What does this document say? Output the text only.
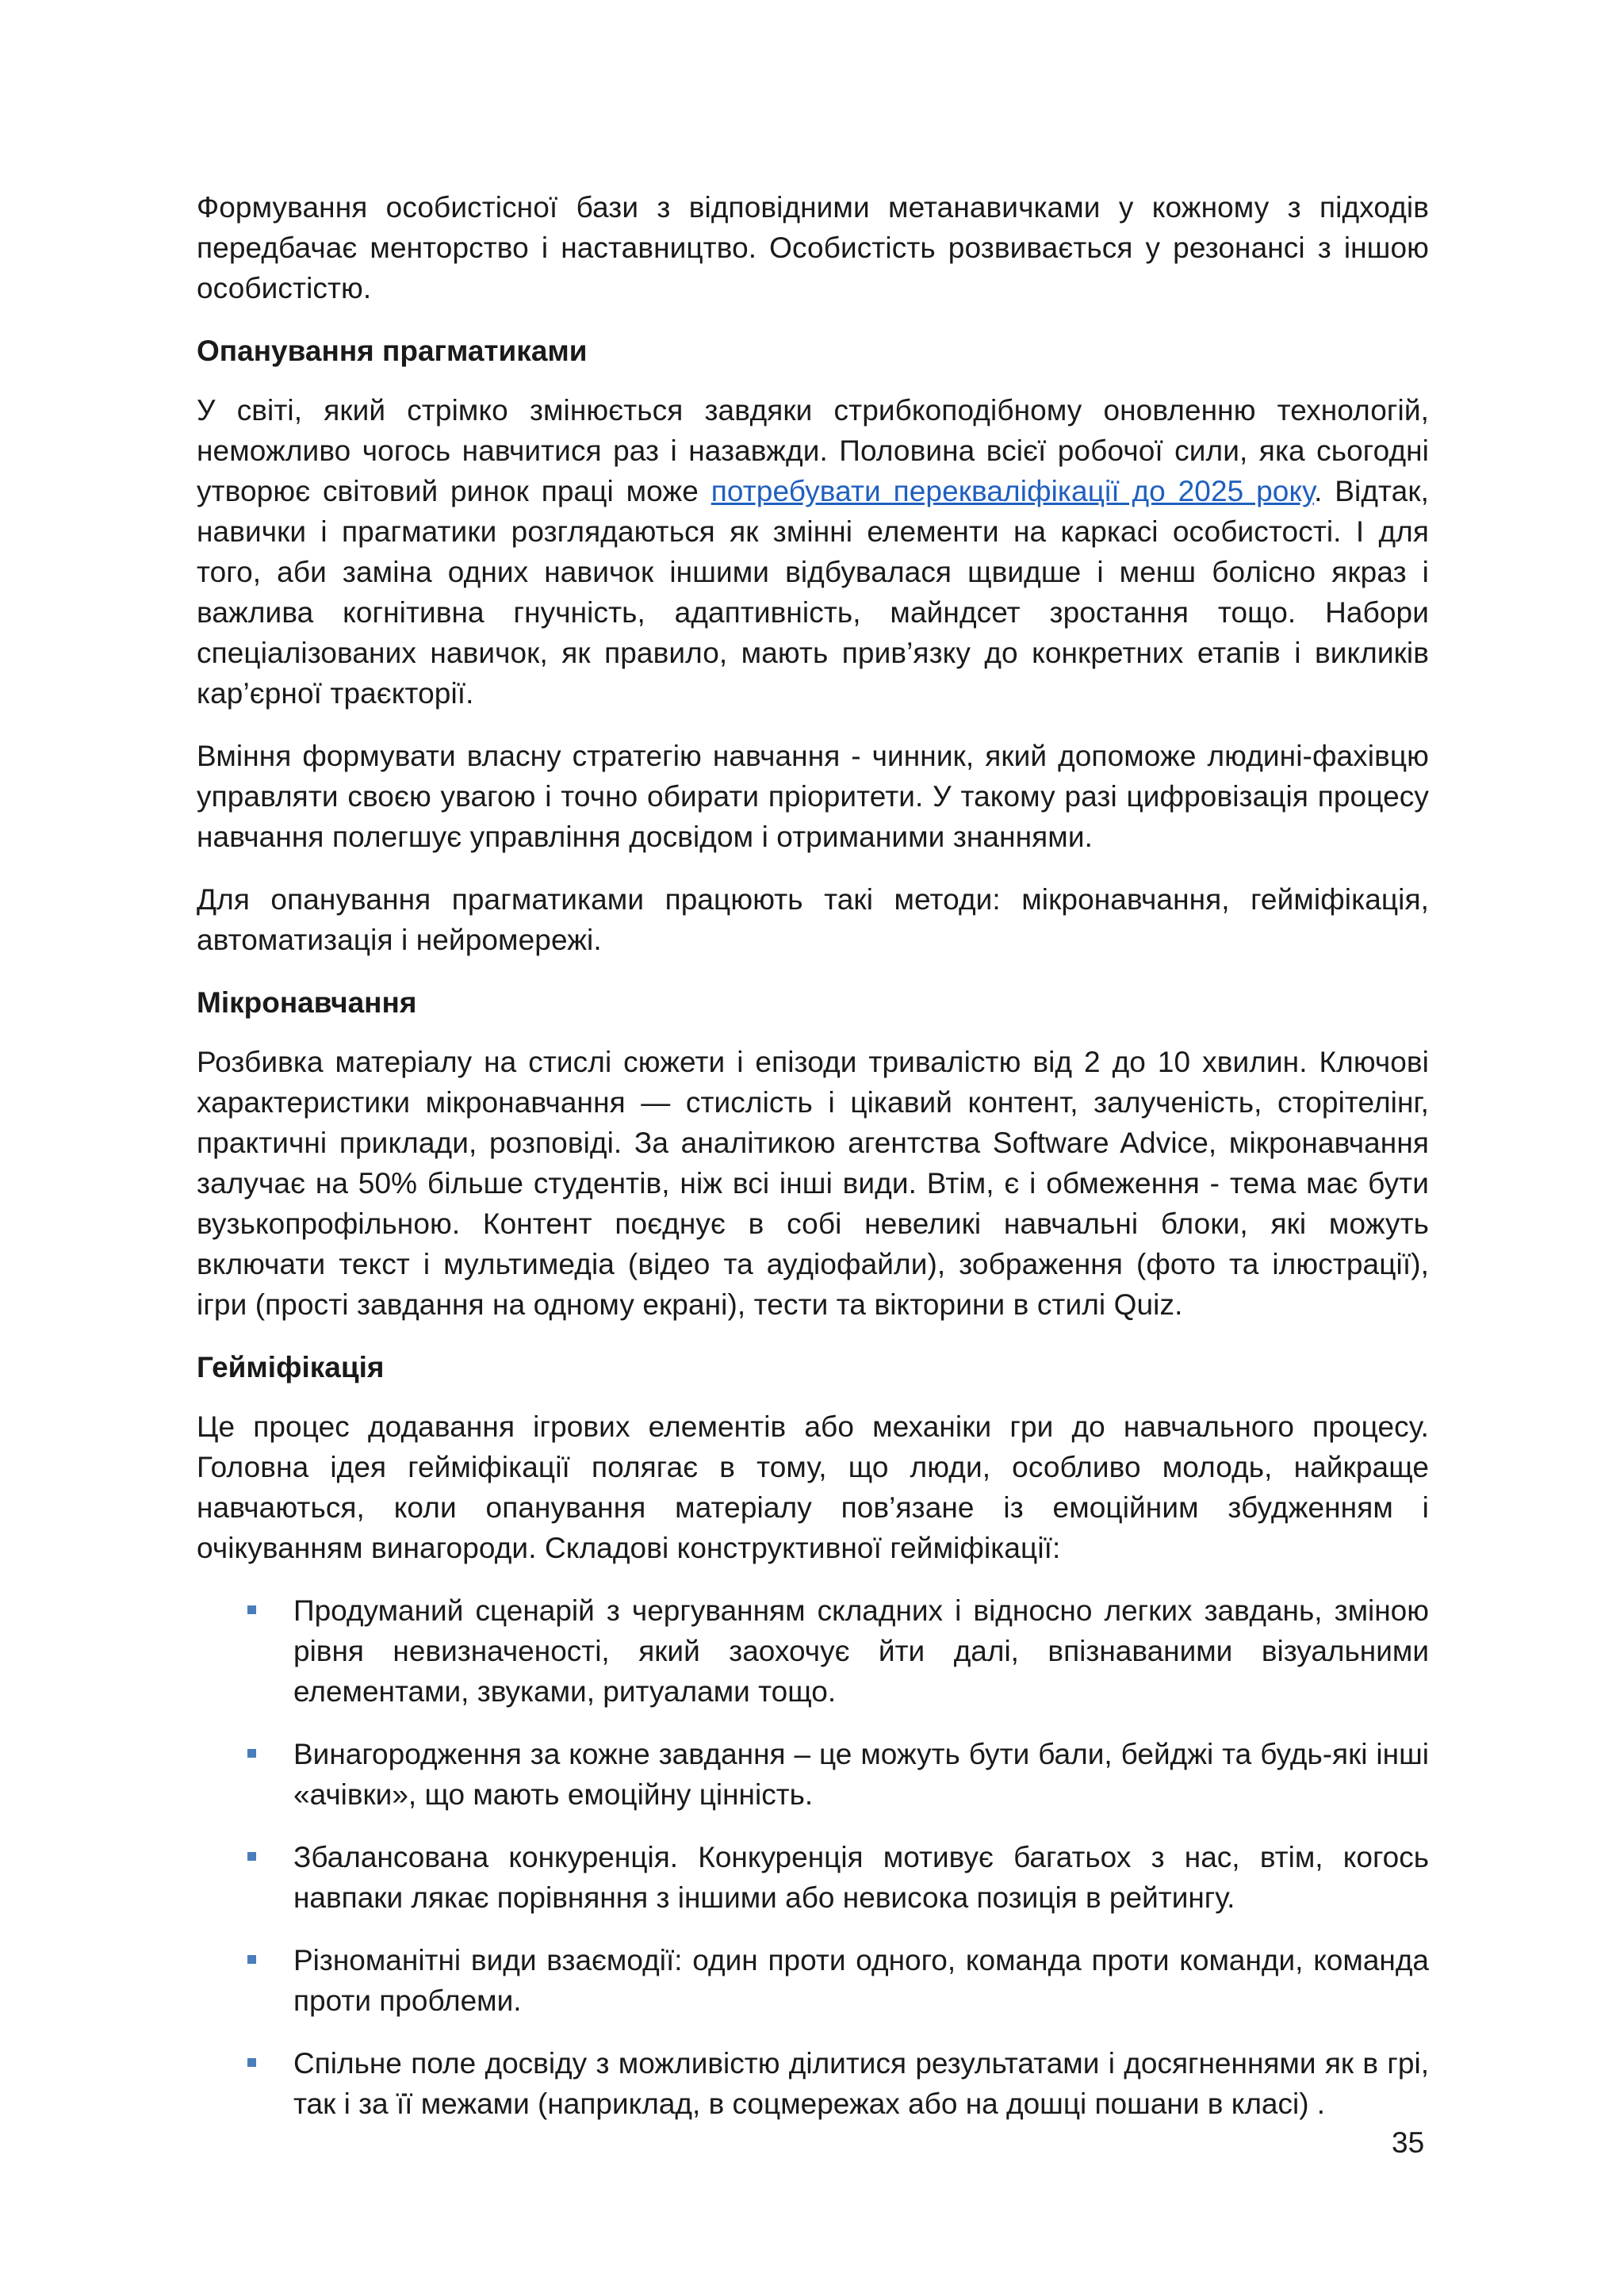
Формування особистісної бази з відповідними метанавичками у кожному з підходів передбачає менторство і наставництво. Особистість розвивається у резонансі з іншою особистістю.

Опанування прагматиками

У світі, який стрімко змінюється завдяки стрибкоподібному оновленню технологій, неможливо чогось навчитися раз і назавжди. Половина всієї робочої сили, яка сьогодні утворює світовий ринок праці може потребувати перекваліфікації до 2025 року. Відтак, навички і прагматики розглядаються як змінні елементи на каркасі особистості. І для того, аби заміна одних навичок іншими відбувалася щвидше і менш болісно якраз і важлива когнітивна гнучність, адаптивність, майндсет зростання тощо. Набори спеціалізованих навичок, як правило, мають прив’язку до конкретних етапів і викликів кар’єрної траєкторії.

Вміння формувати власну стратегію навчання - чинник, який допоможе людині-фахівцю управляти своєю увагою і точно обирати пріоритети. У такому разі цифровізація процесу навчання полегшує управління досвідом і отриманими знаннями.

Для опанування прагматиками працюють такі методи: мікронавчання, гейміфікація, автоматизація і нейромережі.

Мікронавчання

Розбивка матеріалу на стислі сюжети і епізоди тривалістю від 2 до 10 хвилин. Ключові характеристики мікронавчання — стислість і цікавий контент, залученість, сторітелінг, практичні приклади, розповіді. За аналітикою агентства Software Advice, мікронавчання залучає на 50% більше студентів, ніж всі інші види. Втім, є і обмеження - тема має бути вузькопрофільною. Контент поєднує в собі невеликі навчальні блоки, які можуть включати текст і мультимедіа (відео та аудіофайли), зображення (фото та ілюстрації), ігри (прості завдання на одному екрані), тести та вікторини в стилі Quiz.

Гейміфікація

Це процес додавання ігрових елементів або механіки гри до навчального процесу. Головна ідея гейміфікації полягає в тому, що люди, особливо молодь, найкраще навчаються, коли опанування матеріалу пов’язане із емоційним збудженням і очікуванням винагороди. Складові конструктивної гейміфікації:

Продуманий сценарій з чергуванням складних і відносно легких завдань, зміною рівня невизначеності, який заохочує йти далі, впізнаваними візуальними елементами, звуками, ритуалами тощо.
Винагородження за кожне завдання – це можуть бути бали, бейджі та будь-які інші «ачівки», що мають емоційну цінність.
Збалансована конкуренція. Конкуренція мотивує багатьох з нас, втім, когось навпаки лякає порівняння з іншими або невисока позиція в рейтингу.
Різноманітні види взаємодії: один проти одного, команда проти команди, команда проти проблеми.
Спільне поле досвіду з можливістю ділитися результатами і досягненнями як в грі, так і за її межами (наприклад, в соцмережах або на дошці пошани в класі) .
35
